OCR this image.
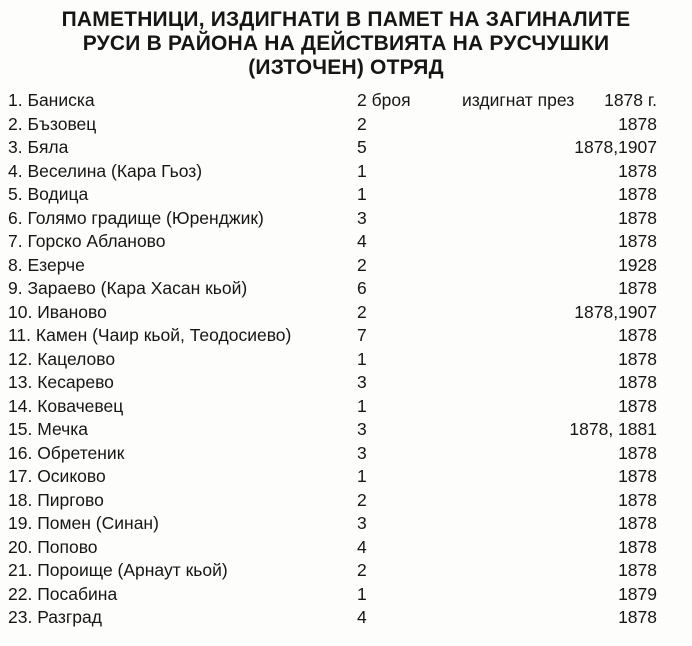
ПАМЕТНИЦИ, ИЗДИГНАТИ В ПАМЕТ НА ЗАГИНАЛИТЕ
РУСИ В РАЙОНА НА ДЕЙСТВИЯТА НА РУСЧУШКИ
(ИЗТОЧЕН) ОТРЯД
1. Баниска	2 броя	издигнат през 1878 г.
2. Бъзовец	2	1878
3. Бяла	5	1878,1907
4. Веселина (Кара Гьоз)	1	1878
5. Водица	1	1878
6. Голямо градище (Юренджик)	3	1878
7. Горско Абланово	4	1878
8. Езерче	2	1928
9. Зараево (Кара Хасан кьой)	6	1878
10. Иваново	2	1878,1907
11. Камен (Чаир кьой, Теодосиево)	7	1878
12. Кацелово	1	1878
13. Кесарево	3	1878
14. Ковачевец	1	1878
15. Мечка	3	1878, 1881
16. Обретеник	3	1878
17. Осиково	1	1878
18. Пиргово	2	1878
19. Помен (Синан)	3	1878
20. Попово	4	1878
21. Пороище (Арнаут кьой)	2	1878
22. Посабина	1	1879
23. Разград	4	1878
